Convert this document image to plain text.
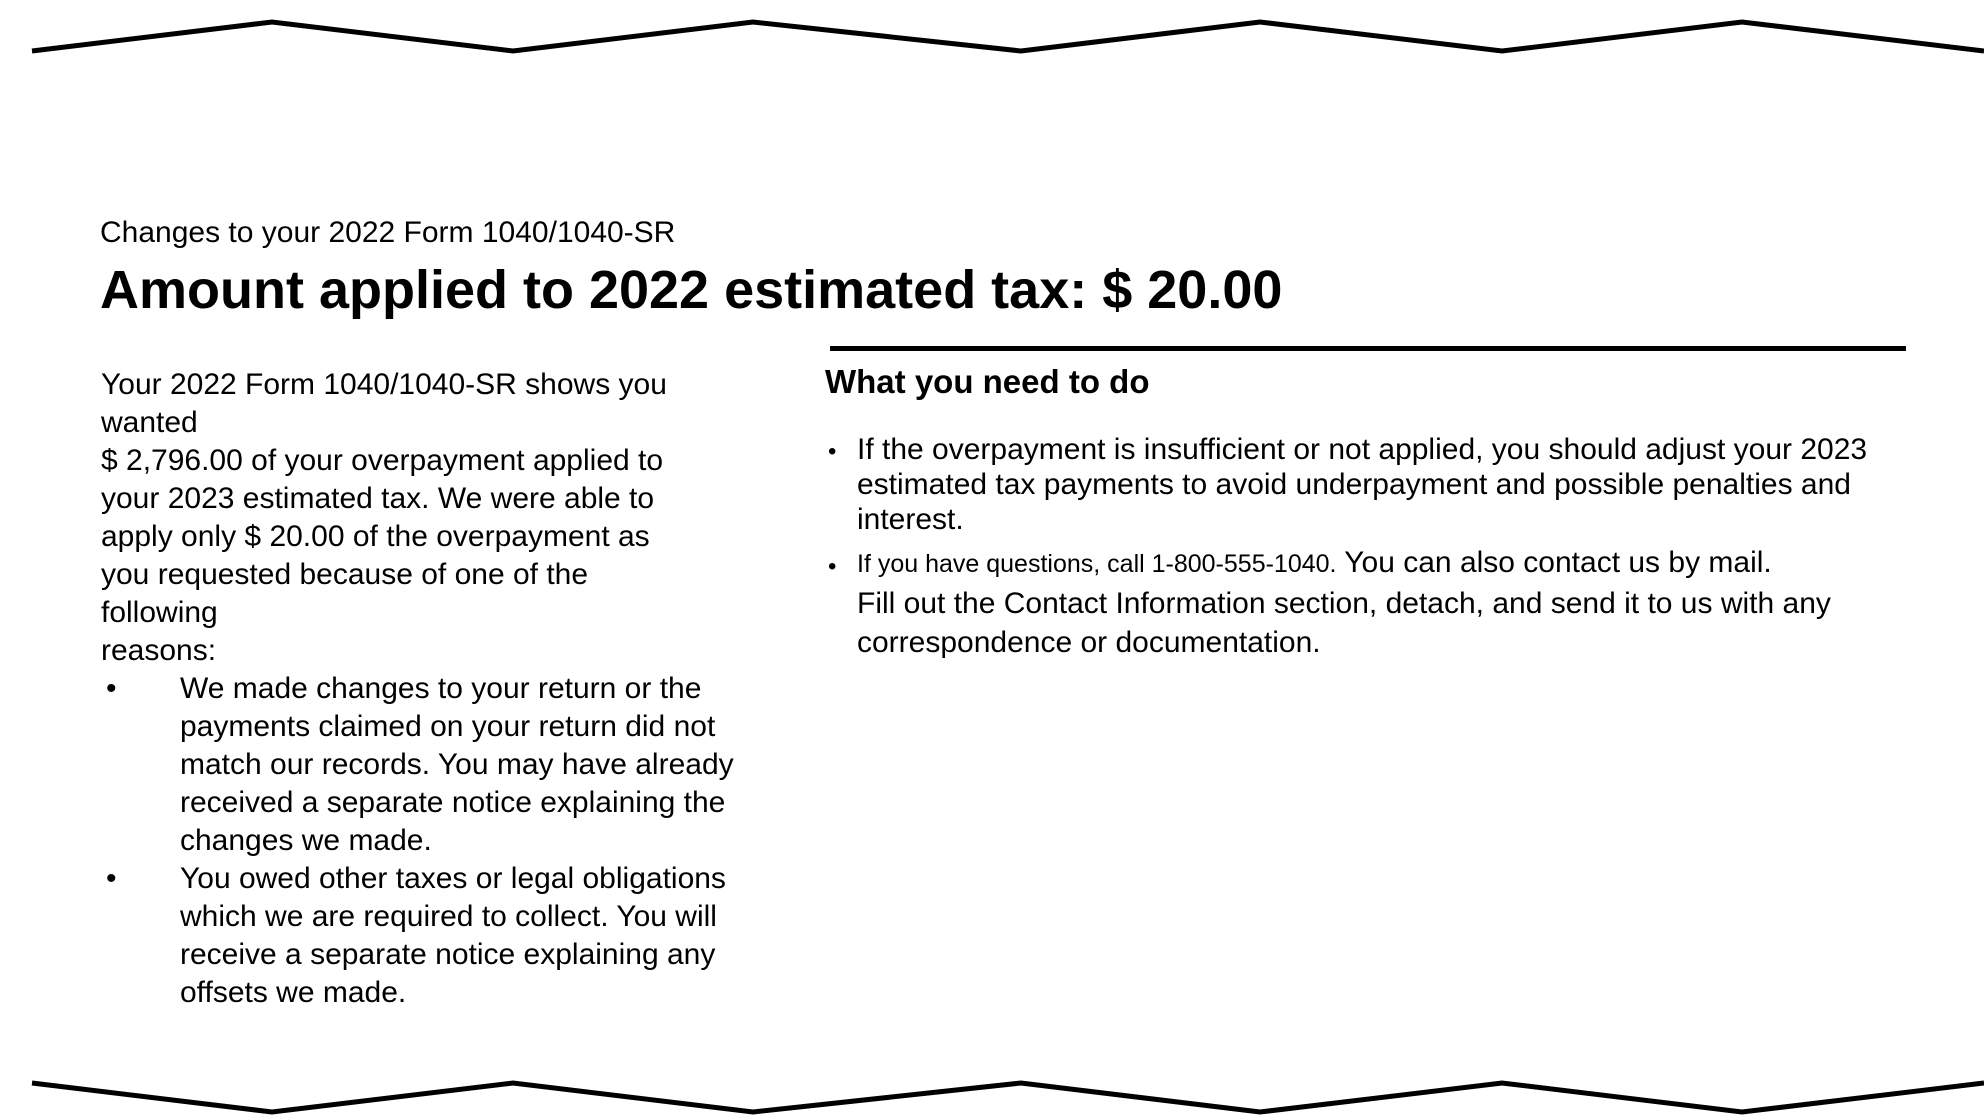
Changes to your 2022 Form 1040/1040-SR
Amount applied to 2022 estimated tax: $ 20.00
Your 2022 Form 1040/1040-SR shows you
wanted
$ 2,796.00 of your overpayment applied to
your 2023 estimated tax. We were able to
apply only $ 20.00 of the overpayment as
you requested because of one of the
following
reasons:
• We made changes to your return or the payments claimed on your return did not match our records. You may have already received a separate notice explaining the changes we made.
• You owed other taxes or legal obligations which we are required to collect. You will receive a separate notice explaining any offsets we made.
What you need to do
• If the overpayment is insufficient or not applied, you should adjust your 2023 estimated tax payments to avoid underpayment and possible penalties and interest.
• If you have questions, call 1-800-555-1040. You can also contact us by mail.
Fill out the Contact Information section, detach, and send it to us with any correspondence or documentation.
